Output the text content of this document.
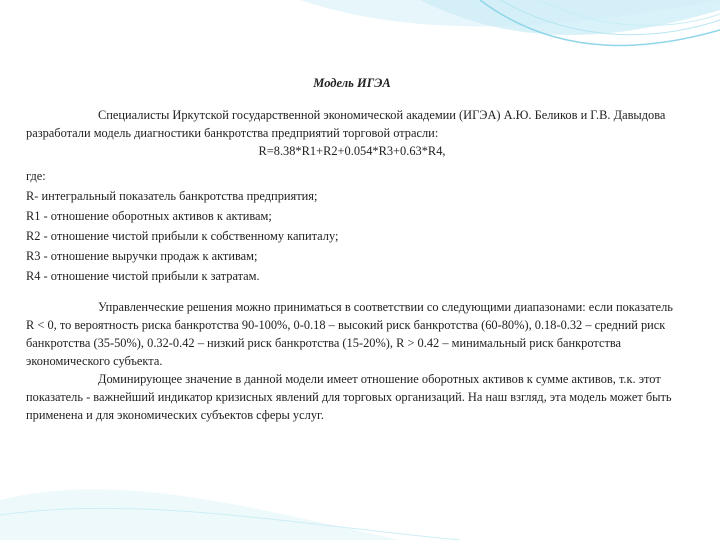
Модель ИГЭА

Специалисты Иркутской государственной экономической академии (ИГЭА) А.Ю. Беликов и Г.В. Давыдова разработали модель диагностики банкротства предприятий торговой отрасли:

R=8.38*R1+R2+0.054*R3+0.63*R4,

где:

R- интегральный показатель банкротства предприятия;

R1 - отношение оборотных активов к активам;

R2 - отношение чистой прибыли к собственному капиталу;

R3 - отношение выручки продаж к активам;

R4 - отношение чистой прибыли к затратам.

Управленческие решения можно приниматься в соответствии со следующими диапазонами: если показатель R < 0, то вероятность риска банкротства 90-100%, 0-0.18 – высокий риск банкротства (60-80%), 0.18-0.32 – средний риск банкротства (35-50%), 0.32-0.42 – низкий риск банкротства (15-20%), R > 0.42 – минимальный риск банкротства экономического субъекта.

Доминирующее значение в данной модели имеет отношение оборотных активов к сумме активов, т.к. этот показатель - важнейший индикатор кризисных явлений для торговых организаций. На наш взгляд, эта модель может быть применена и для экономических субъектов сферы услуг.
